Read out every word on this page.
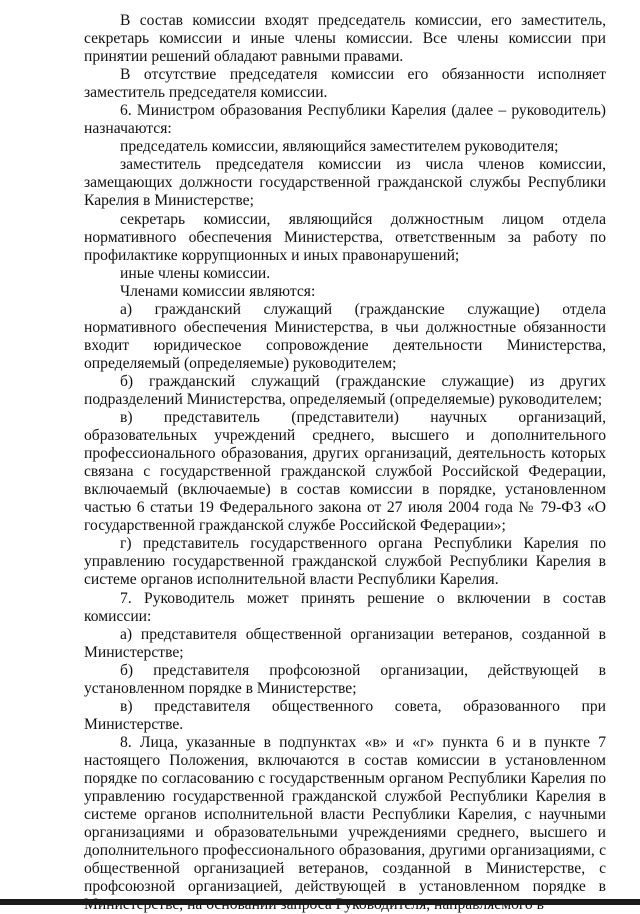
В состав комиссии входят председатель комиссии, его заместитель, секретарь комиссии и иные члены комиссии. Все члены комиссии при принятии решений обладают равными правами.

В отсутствие председателя комиссии его обязанности исполняет заместитель председателя комиссии.

6. Министром образования Республики Карелия (далее – руководитель) назначаются:

председатель комиссии, являющийся заместителем руководителя;

заместитель председателя комиссии из числа членов комиссии, замещающих должности государственной гражданской службы Республики Карелия в Министерстве;

секретарь комиссии, являющийся должностным лицом отдела нормативного обеспечения Министерства, ответственным за работу по профилактике коррупционных и иных правонарушений;

иные члены комиссии.

Членами комиссии являются:

а) гражданский служащий (гражданские служащие) отдела нормативного обеспечения Министерства, в чьи должностные обязанности входит юридическое сопровождение деятельности Министерства, определяемый (определяемые) руководителем;

б) гражданский служащий (гражданские служащие) из других подразделений Министерства, определяемый (определяемые) руководителем;

в) представитель (представители) научных организаций, образовательных учреждений среднего, высшего и дополнительного профессионального образования, других организаций, деятельность которых связана с государственной гражданской службой Российской Федерации, включаемый (включаемые) в состав комиссии в порядке, установленном частью 6 статьи 19 Федерального закона от 27 июля 2004 года № 79-ФЗ «О государственной гражданской службе Российской Федерации»;

г) представитель государственного органа Республики Карелия по управлению государственной гражданской службой Республики Карелия в системе органов исполнительной власти Республики Карелия.

7. Руководитель может принять решение о включении в состав комиссии:

а) представителя общественной организации ветеранов, созданной в Министерстве;

б) представителя профсоюзной организации, действующей в установленном порядке в Министерстве;

в) представителя общественного совета, образованного при Министерстве.

8. Лица, указанные в подпунктах «в» и «г» пункта 6 и в пункте 7 настоящего Положения, включаются в состав комиссии в установленном порядке по согласованию с государственным органом Республики Карелия по управлению государственной гражданской службой Республики Карелия в системе органов исполнительной власти Республики Карелия, с научными организациями и образовательными учреждениями среднего, высшего и дополнительного профессионального образования, другими организациями, с общественной организацией ветеранов, созданной в Министерстве, с профсоюзной организацией, действующей в установленном порядке в
